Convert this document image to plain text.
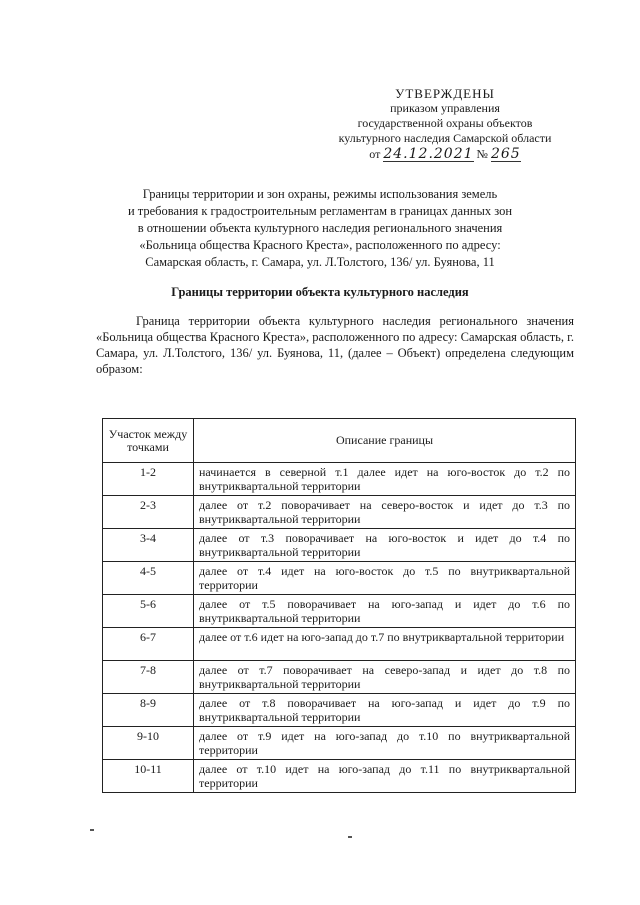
УТВЕРЖДЕНЫ
приказом управления
государственной охраны объектов
культурного наследия Самарской области
от 24.12.2021 № 265
Границы территории и зон охраны, режимы использования земель
и требования к градостроительным регламентам в границах данных зон
в отношении объекта культурного наследия регионального значения
«Больница общества Красного Креста», расположенного по адресу:
Самарская область, г. Самара, ул. Л.Толстого, 136/ ул. Буянова, 11
Границы территории объекта культурного наследия

Граница территории объекта культурного наследия регионального значения «Больница общества Красного Креста», расположенного по адресу: Самарская область, г. Самара, ул. Л.Толстого, 136/ ул. Буянова, 11, (далее – Объект) определена следующим образом:

Участок между точками	Описание границы
1-2	начинается в северной т.1 далее идет на юго-восток до т.2 по внутриквартальной территории
2-3	далее от т.2 поворачивает на северо-восток и идет до т.3 по внутриквартальной территории
3-4	далее от т.3 поворачивает на юго-восток и идет до т.4 по внутриквартальной территории
4-5	далее от т.4 идет на юго-восток до т.5 по внутриквартальной территории
5-6	далее от т.5 поворачивает на юго-запад и идет до т.6 по внутриквартальной территории
6-7	далее от т.6 идет на юго-запад до т.7 по внутриквартальной территории
7-8	далее от т.7 поворачивает на северо-запад и идет до т.8 по внутриквартальной территории
8-9	далее от т.8 поворачивает на юго-запад и идет до т.9 по внутриквартальной территории
9-10	далее от т.9 идет на юго-запад до т.10 по внутриквартальной территории
10-11	далее от т.10 идет на юго-запад до т.11 по внутриквартальной территории
